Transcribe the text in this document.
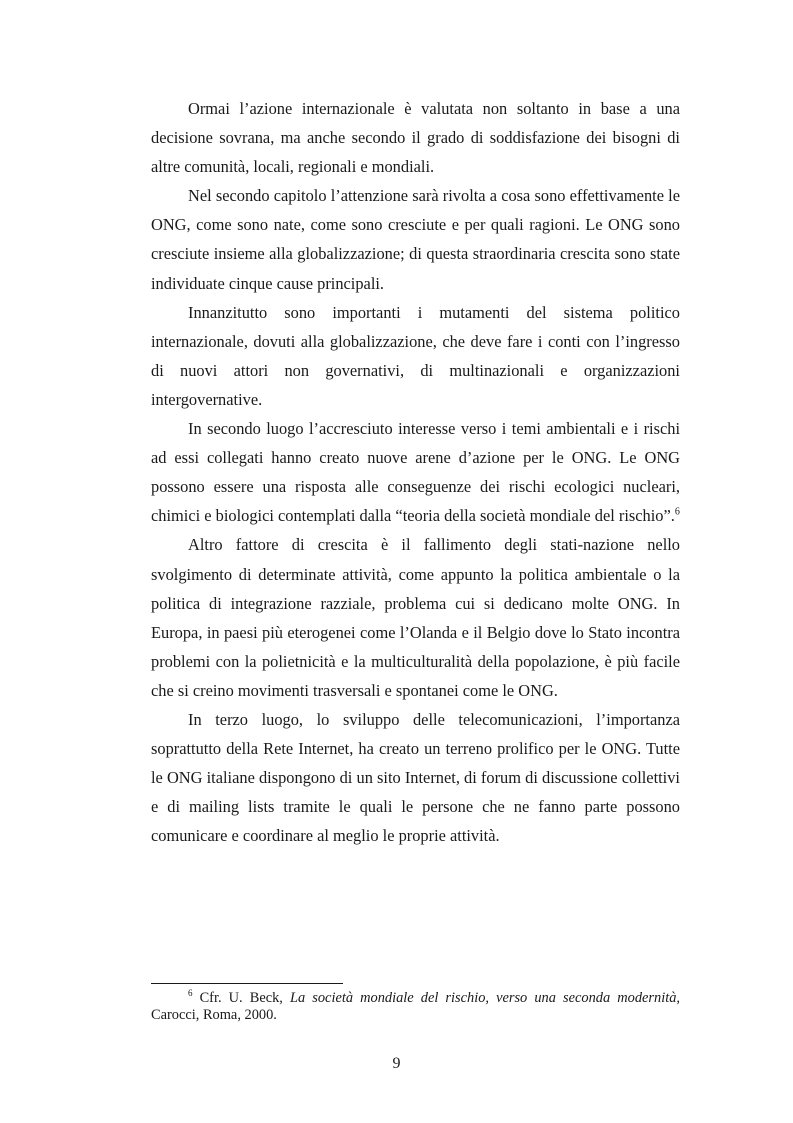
Ormai l’azione internazionale è valutata non soltanto in base a una decisione sovrana, ma anche secondo il grado di soddisfazione dei bisogni di altre comunità, locali, regionali e mondiali.

Nel secondo capitolo l’attenzione sarà rivolta a cosa sono effettivamente le ONG, come sono nate, come sono cresciute e per quali ragioni. Le ONG sono cresciute insieme alla globalizzazione; di questa straordinaria crescita sono state individuate cinque cause principali.

Innanzitutto sono importanti i mutamenti del sistema politico internazionale, dovuti alla globalizzazione, che deve fare i conti con l’ingresso di nuovi attori non governativi, di multinazionali e organizzazioni intergovernative.

In secondo luogo l’accresciuto interesse verso i temi ambientali e i rischi ad essi collegati hanno creato nuove arene d’azione per le ONG. Le ONG possono essere una risposta alle conseguenze dei rischi ecologici nucleari, chimici e biologici contemplati dalla “teoria della società mondiale del rischio”.$^6$

Altro fattore di crescita è il fallimento degli stati-nazione nello svolgimento di determinate attività, come appunto la politica ambientale o la politica di integrazione razziale, problema cui si dedicano molte ONG. In Europa, in paesi più eterogenei come l’Olanda e il Belgio dove lo Stato incontra problemi con la polietnicità e la multiculturalità della popolazione, è più facile che si creino movimenti trasversali e spontanei come le ONG.

In terzo luogo, lo sviluppo delle telecomunicazioni, l’importanza soprattutto della Rete Internet, ha creato un terreno prolifico per le ONG. Tutte le ONG italiane dispongono di un sito Internet, di forum di discussione collettivi e di mailing lists tramite le quali le persone che ne fanno parte possono comunicare e coordinare al meglio le proprie attività.

$^6$ Cfr. U. Beck, La società mondiale del rischio, verso una seconda modernità, Carocci, Roma, 2000.

9
